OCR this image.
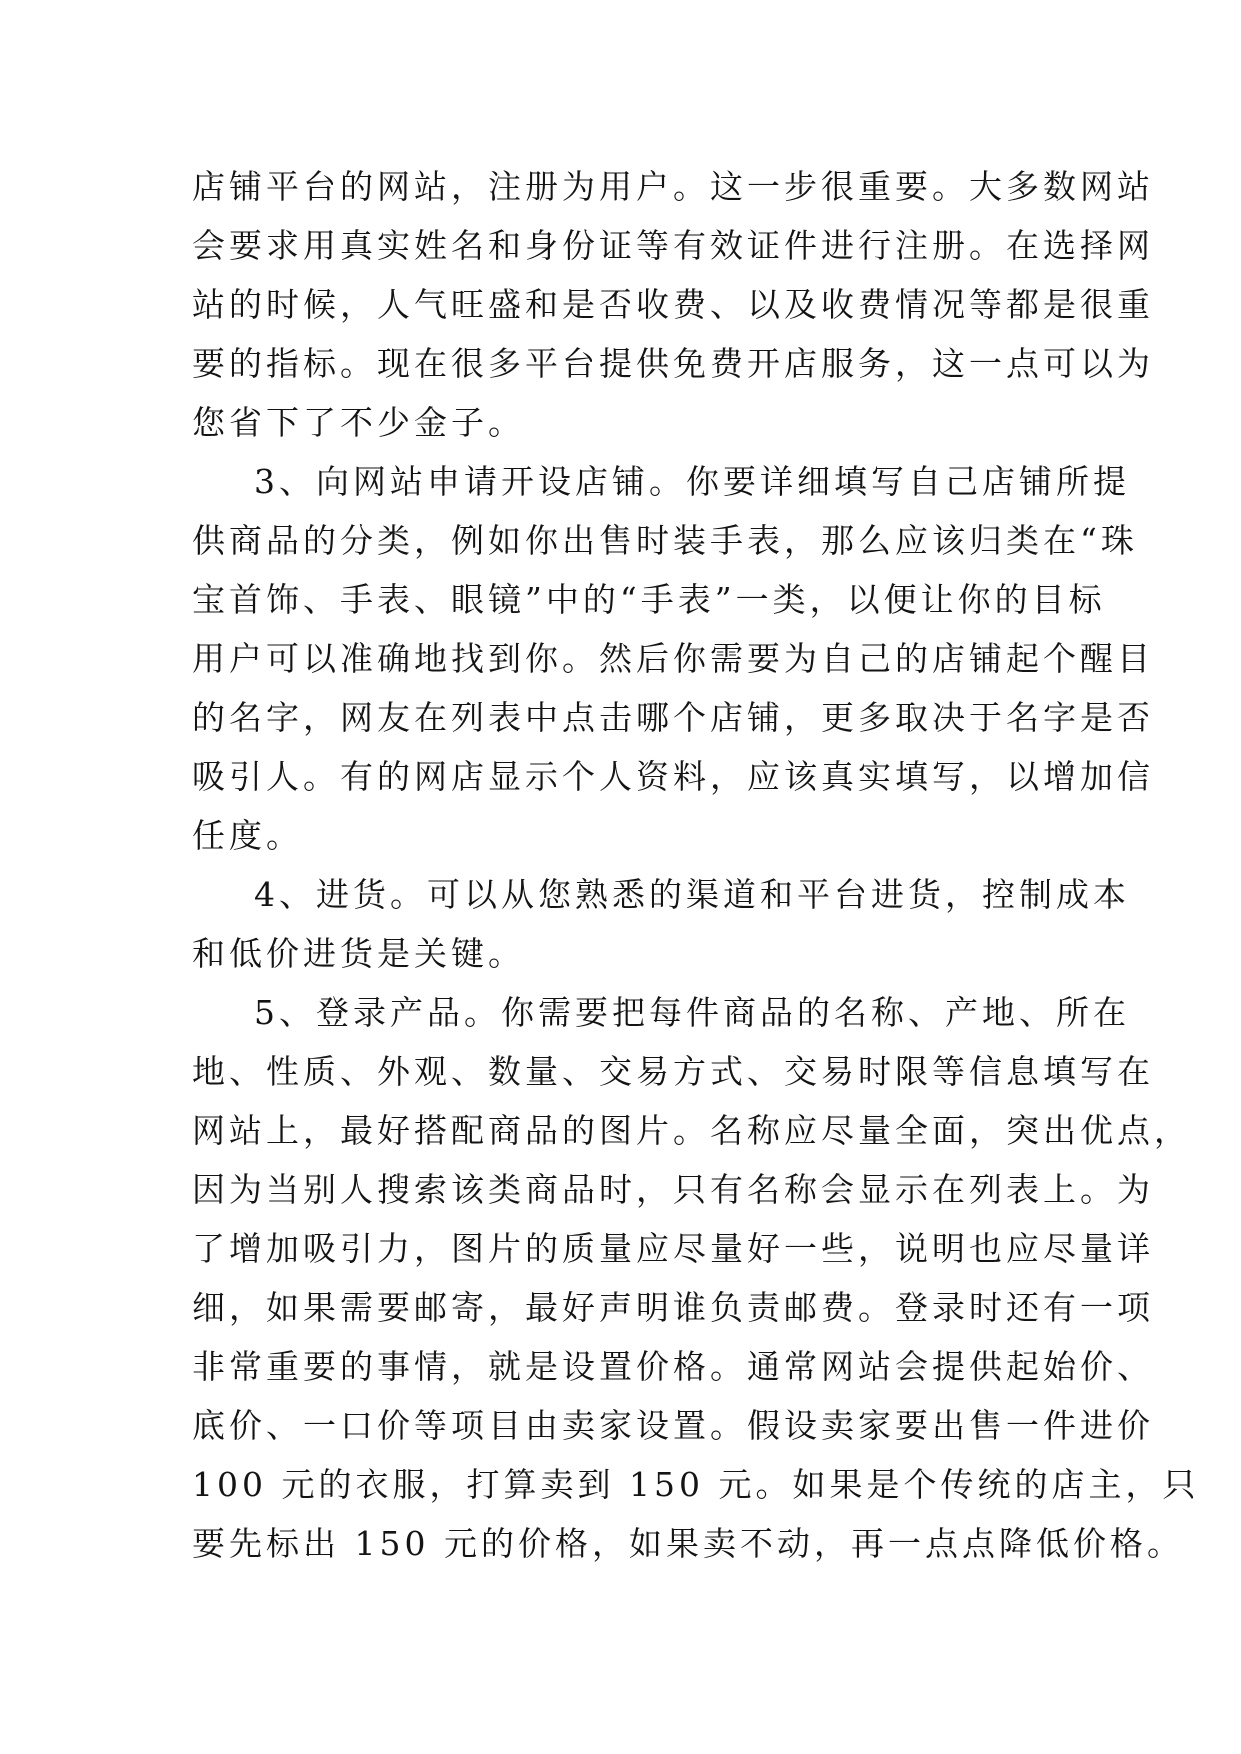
店铺平台的网站，注册为用户。这一步很重要。大多数网站
会要求用真实姓名和身份证等有效证件进行注册。在选择网
站的时候，人气旺盛和是否收费、以及收费情况等都是很重
要的指标。现在很多平台提供免费开店服务，这一点可以为
您省下了不少金子。
3、向网站申请开设店铺。你要详细填写自己店铺所提
供商品的分类，例如你出售时装手表，那么应该归类在“珠
宝首饰、手表、眼镜”中的“手表”一类，以便让你的目标
用户可以准确地找到你。然后你需要为自己的店铺起个醒目
的名字，网友在列表中点击哪个店铺，更多取决于名字是否
吸引人。有的网店显示个人资料，应该真实填写，以增加信
任度。
4、进货。可以从您熟悉的渠道和平台进货，控制成本
和低价进货是关键。
5、登录产品。你需要把每件商品的名称、产地、所在
地、性质、外观、数量、交易方式、交易时限等信息填写在
网站上，最好搭配商品的图片。名称应尽量全面，突出优点，
因为当别人搜索该类商品时，只有名称会显示在列表上。为
了增加吸引力，图片的质量应尽量好一些，说明也应尽量详
细，如果需要邮寄，最好声明谁负责邮费。登录时还有一项
非常重要的事情，就是设置价格。通常网站会提供起始价、
底价、一口价等项目由卖家设置。假设卖家要出售一件进价
100 元的衣服，打算卖到 150 元。如果是个传统的店主，只
要先标出 150 元的价格，如果卖不动，再一点点降低价格。
